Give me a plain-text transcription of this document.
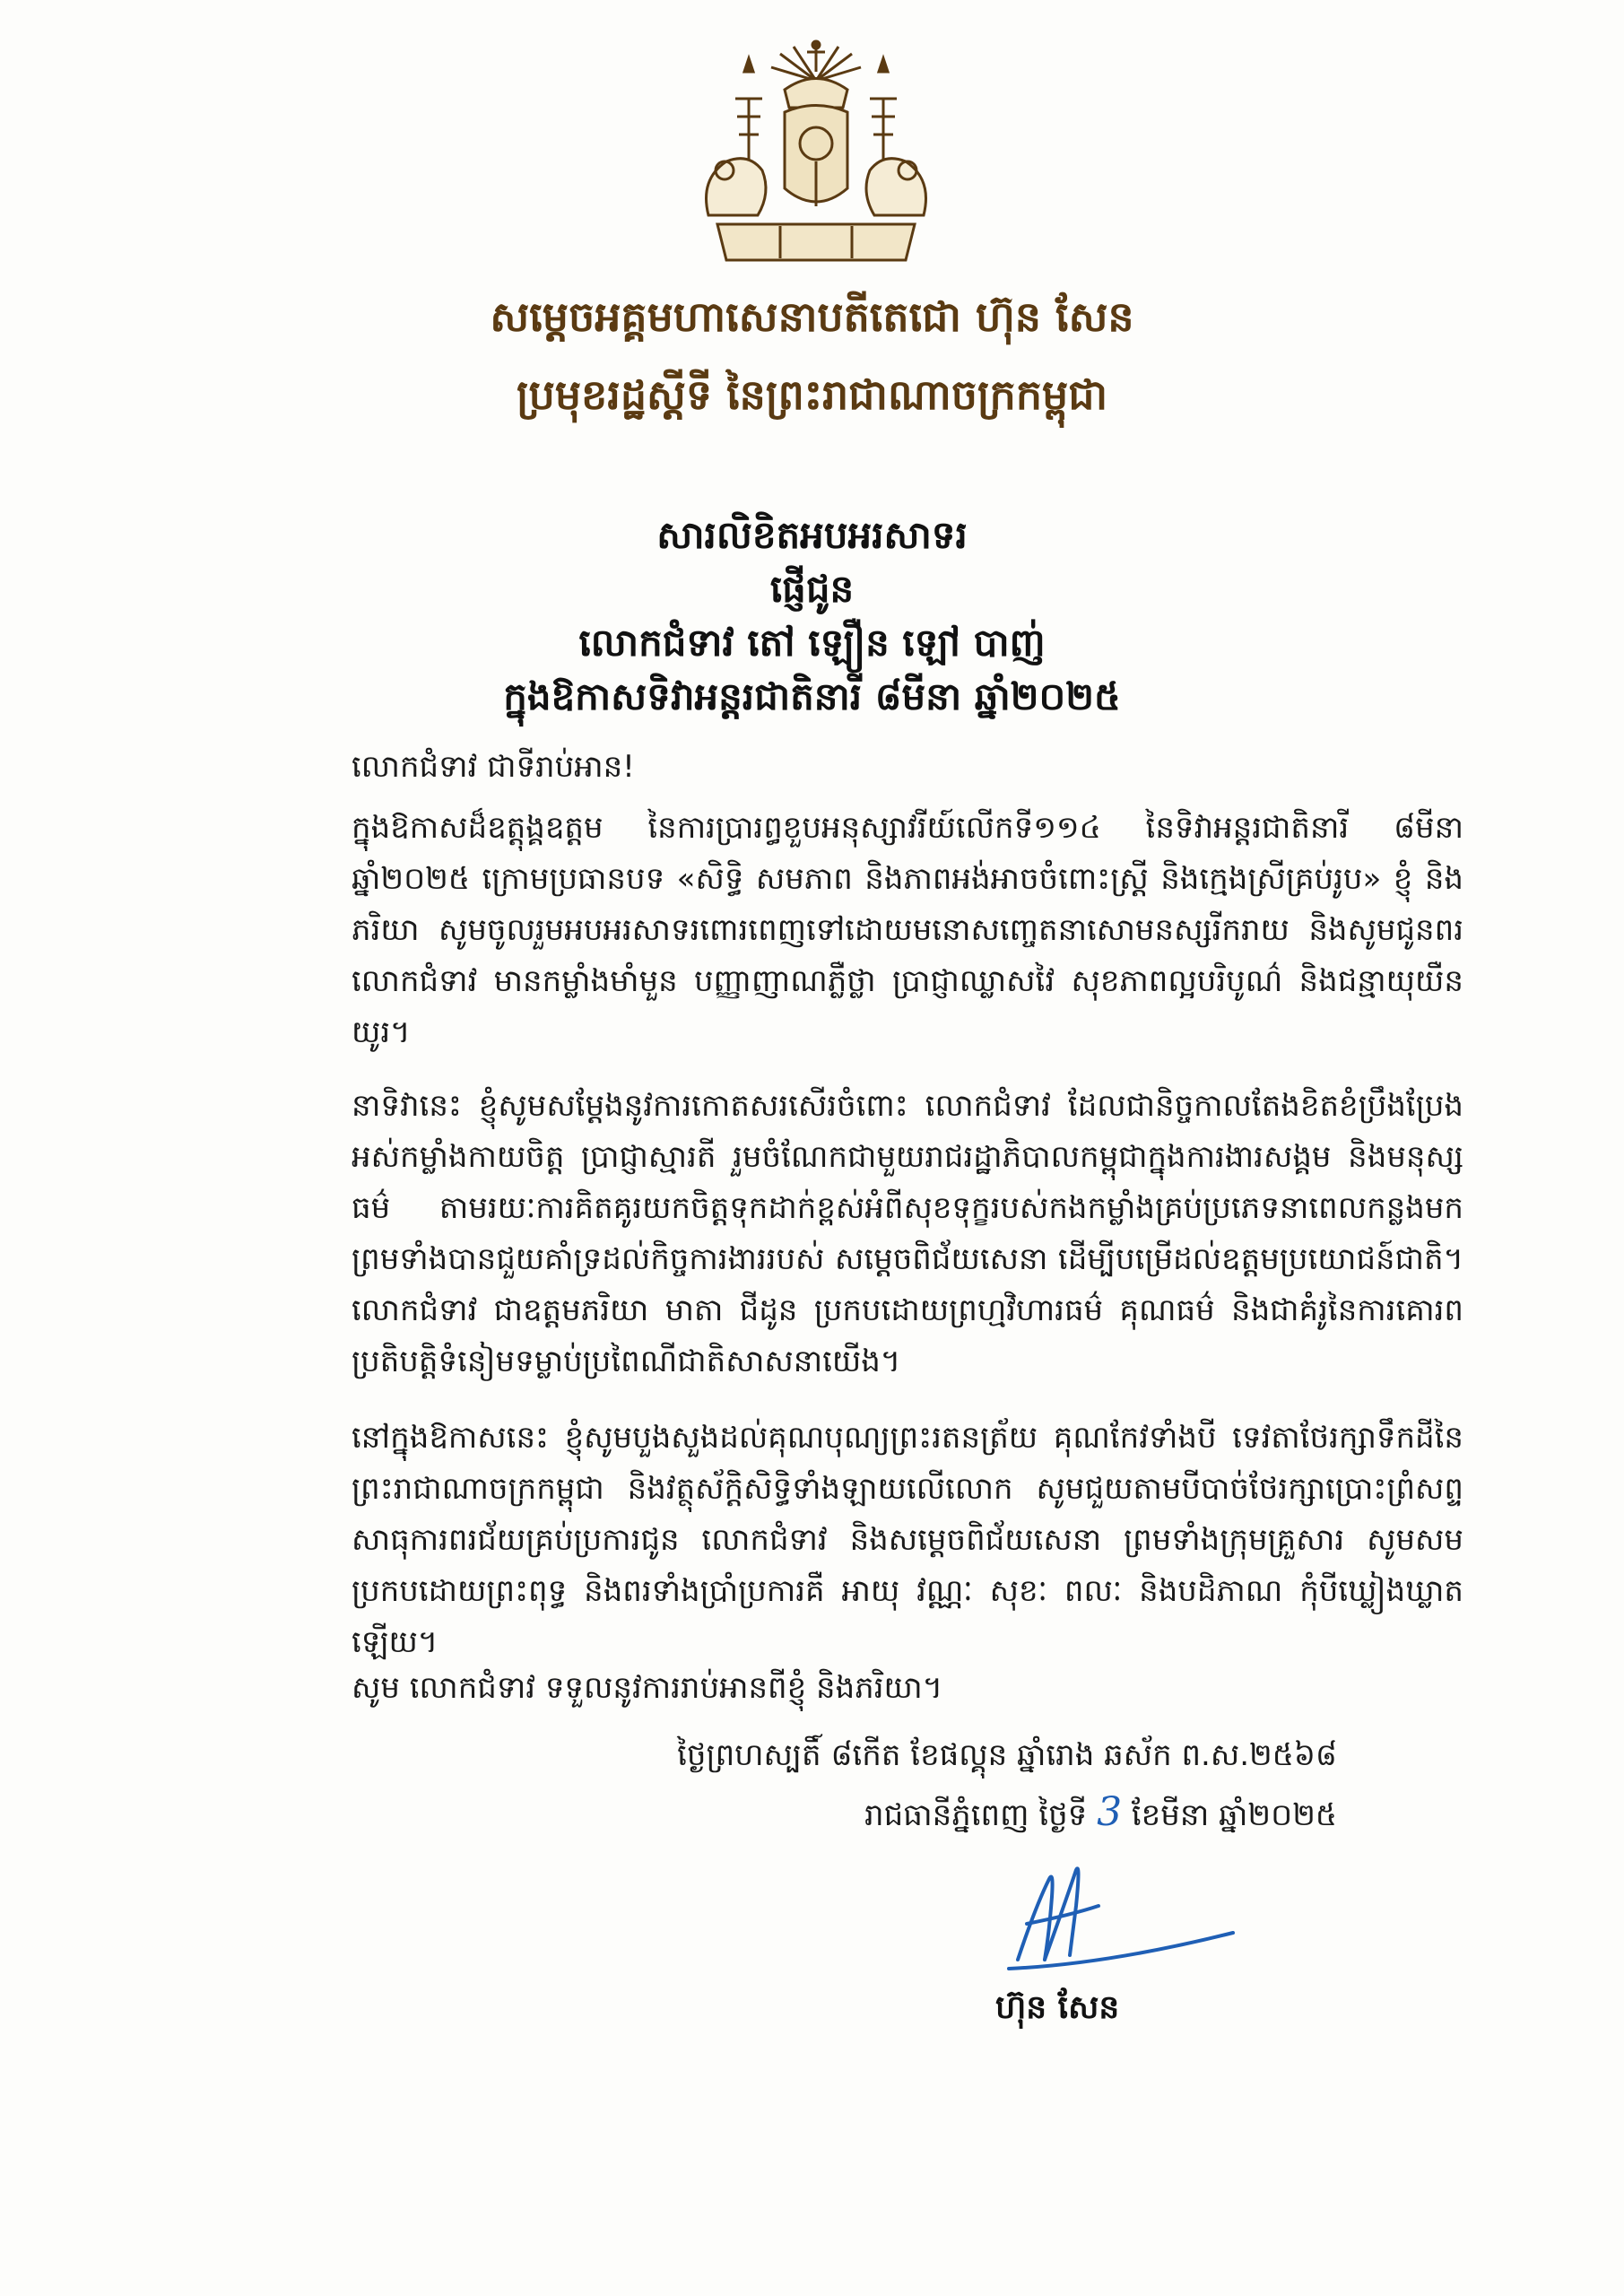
សម្តេចអគ្គមហាសេនាបតីតេជោ ហ៊ុន សែន
ប្រមុខរដ្ឋស្តីទី នៃព្រះរាជាណាចក្រកម្ពុជា
សារលិខិតអបអរសាទរ
ផ្ញើជូន
លោកជំទាវ តៅ ឡឿន ឡៅ បាញ់
ក្នុងឱកាសទិវាអន្តរជាតិនារី ៨មីនា ឆ្នាំ២០២៥
លោកជំទាវ ជាទីរាប់អាន!
ក្នុងឱកាសដ៏ឧត្តុង្គឧត្តម នៃការប្រារព្ធខួបអនុស្សាវរីយ៍លើកទី១១៤ នៃទិវាអន្តរជាតិនារី ៨មីនា ឆ្នាំ២០២៥ ក្រោមប្រធានបទ «សិទ្ធិ សមភាព និងភាពអង់អាចចំពោះស្ត្រី និងក្មេងស្រីគ្រប់រូប» ខ្ញុំ និងភរិយា សូមចូលរួមអបអរសាទរពោរពេញទៅដោយមនោសញ្ចេតនាសោមនស្សរីករាយ និងសូមជូនពរ លោកជំទាវ មានកម្លាំងមាំមួន បញ្ញាញាណភ្លឺថ្លា ប្រាជ្ញាឈ្លាសវៃ សុខភាពល្អបរិបូណ៌ និងជន្មាយុយឺនយូរ។
នាទិវានេះ ខ្ញុំសូមសម្តែងនូវការកោតសរសើរចំពោះ លោកជំទាវ ដែលជានិច្ចកាលតែងខិតខំប្រឹងប្រែងអស់កម្លាំងកាយចិត្ត ប្រាជ្ញាស្មារតី រួមចំណែកជាមួយរាជរដ្ឋាភិបាលកម្ពុជាក្នុងការងារសង្គម និងមនុស្សធម៌ តាមរយៈការគិតគូរយកចិត្តទុកដាក់ខ្ពស់អំពីសុខទុក្ខរបស់កងកម្លាំងគ្រប់ប្រភេទនាពេលកន្លងមក ព្រមទាំងបានជួយគាំទ្រដល់កិច្ចការងាររបស់ សម្តេចពិជ័យសេនា ដើម្បីបម្រើដល់ឧត្តមប្រយោជន៍ជាតិ។ លោកជំទាវ ជាឧត្តមភរិយា មាតា ជីដូន ប្រកបដោយព្រហ្មវិហារធម៌ គុណធម៌ និងជាគំរូនៃការគោរពប្រតិបត្តិទំនៀមទម្លាប់ប្រពៃណីជាតិសាសនាយើង។
នៅក្នុងឱកាសនេះ ខ្ញុំសូមបួងសួងដល់គុណបុណ្យព្រះរតនត្រ័យ គុណកែវទាំងបី ទេវតាថែរក្សាទឹកដីនៃព្រះរាជាណាចក្រកម្ពុជា និងវត្ថុស័ក្តិសិទ្ធិទាំងឡាយលើលោក សូមជួយតាមបីបាច់ថែរក្សាប្រោះព្រំសព្ទសាធុការពរជ័យគ្រប់ប្រការជូន លោកជំទាវ និងសម្តេចពិជ័យសេនា ព្រមទាំងក្រុមគ្រួសារ សូមសមប្រកបដោយព្រះពុទ្ធ និងពរទាំងប្រាំប្រការគឺ អាយុ វណ្ណៈ សុខៈ ពលៈ និងបដិភាណ កុំបីឃ្លៀងឃ្លាតឡើយ។
សូម លោកជំទាវ ទទួលនូវការរាប់អានពីខ្ញុំ និងភរិយា។
ថ្ងៃព្រហស្បតិ៍ ៨កើត ខែផល្គុន ឆ្នាំរោង ឆស័ក ព.ស.២៥៦៨
រាជធានីភ្នំពេញ ថ្ងៃទី 3 ខែមីនា ឆ្នាំ២០២៥
ហ៊ុន សែន
